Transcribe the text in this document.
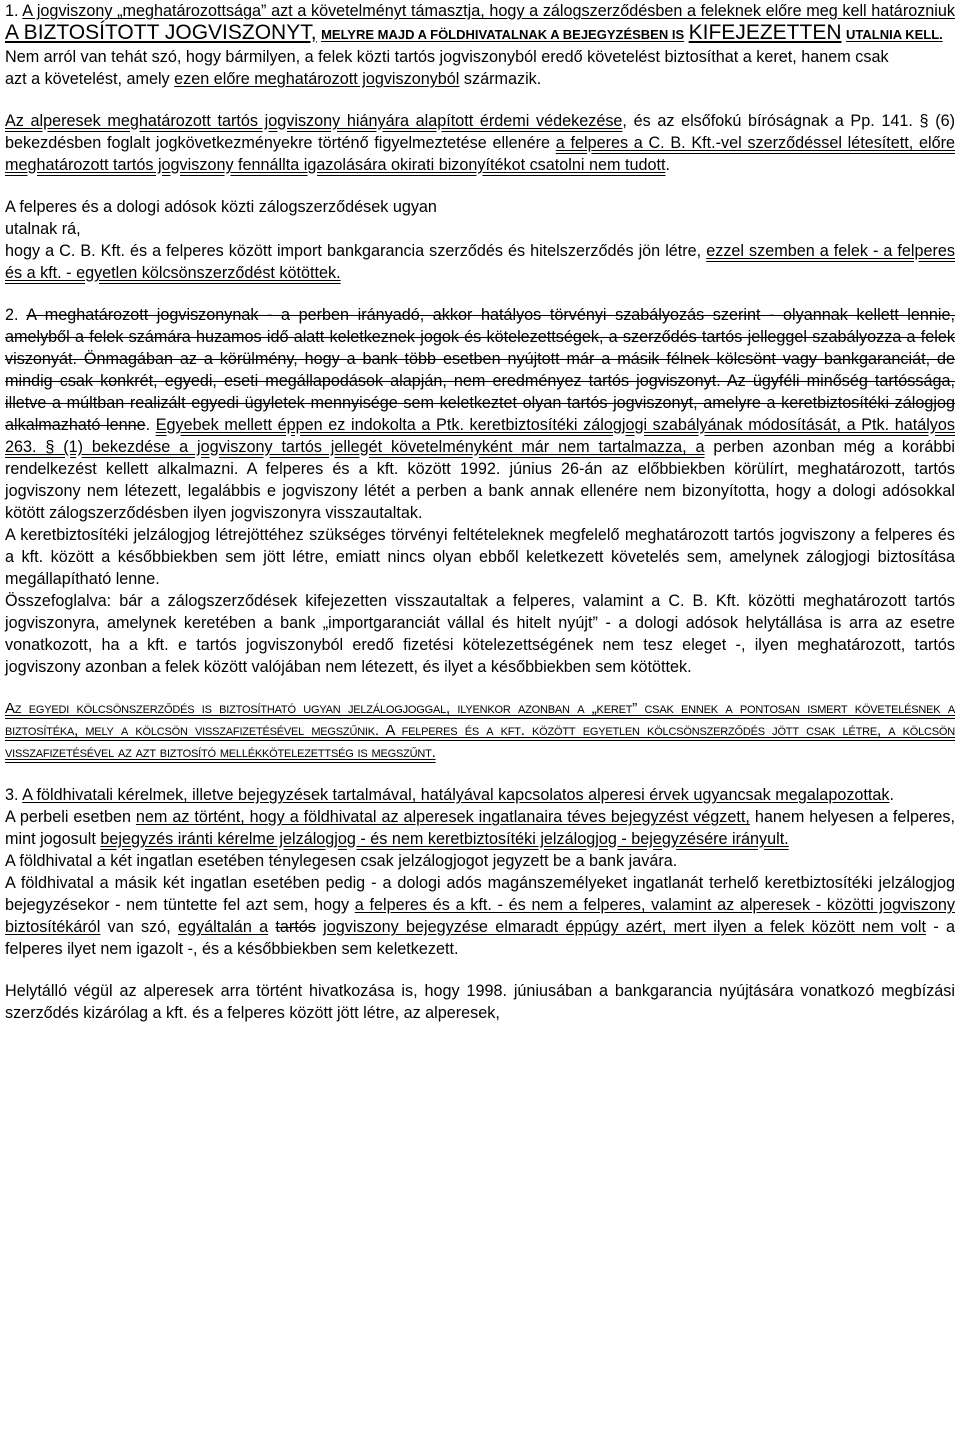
1. A jogviszony „meghatározottsága” azt a követelményt támasztja, hogy a zálogszerződésben a feleknek előre meg kell határozniuk A BIZTOSÍTOTT JOGVISZONYT, MELYRE MAJD A FÖLDHIVATALNAK A BEJEGYZÉSBEN IS KIFEJEZETTEN UTALNIA KELL.
Nem arról van tehát szó, hogy bármilyen, a felek közti tartós jogviszonyból eredő követelést biztosíthat a keret, hanem csak
azt a követelést, amely ezen előre meghatározott jogviszonyból származik.

Az alperesek meghatározott tartós jogviszony hiányára alapított érdemi védekezése, és az elsőfokú bíróságnak a Pp. 141. § (6) bekezdésben foglalt jogkövetkezményekre történő figyelmeztetése ellenére a felperes a C. B. Kft.-vel szerződéssel létesített, előre meghatározott tartós jogviszony fennállta igazolására okirati bizonyítékot csatolni nem tudott.

A felperes és a dologi adósok közti zálogszerződések ugyan
utalnak rá,
hogy a C. B. Kft. és a felperes között import bankgarancia szerződés és hitelszerződés jön létre, ezzel szemben a felek - a felperes és a kft. - egyetlen kölcsönszerződést kötöttek.

2. A meghatározott jogviszonynak - a perben irányadó, akkor hatályos törvényi szabályozás szerint - olyannak kellett lennie, amelyből a felek számára huzamos idő alatt keletkeznek jogok és kötelezettségek, a szerződés tartós jelleggel szabályozza a felek viszonyát. Önmagában az a körülmény, hogy a bank több esetben nyújtott már a másik félnek kölcsönt vagy bankgaranciát, de mindig csak konkrét, egyedi, eseti megállapodások alapján, nem eredményez tartós jogviszonyt. Az ügyféli minőség tartóssága, illetve a múltban realizált egyedi ügyletek mennyisége sem keletkeztet olyan tartós jogviszonyt, amelyre a keretbiztosítéki zálogjog alkalmazható lenne. Egyebek mellett éppen ez indokolta a Ptk. keretbiztosítéki zálogjogi szabályának módosítását, a Ptk. hatályos 263. § (1) bekezdése a jogviszony tartós jellegét követelményként már nem tartalmazza, a perben azonban még a korábbi rendelkezést kellett alkalmazni. A felperes és a kft. között 1992. június 26-án az előbbiekben körülírt, meghatározott, tartós jogviszony nem létezett, legalábbis e jogviszony létét a perben a bank annak ellenére nem bizonyította, hogy a dologi adósokkal kötött zálogszerződésben ilyen jogviszonyra visszautaltak.

A keretbiztosítéki jelzálogjog létrejöttéhez szükséges törvényi feltételeknek megfelelő meghatározott tartós jogviszony a felperes és a kft. között a későbbiekben sem jött létre, emiatt nincs olyan ebből keletkezett követelés sem, amelynek zálogjogi biztosítása megállapítható lenne.

Összefoglalva: bár a zálogszerződések kifejezetten visszautaltak a felperes, valamint a C. B. Kft. közötti meghatározott tartós jogviszonyra, amelynek keretében a bank „importgaranciát vállal és hitelt nyújt” - a dologi adósok helytállása is arra az esetre vonatkozott, ha a kft. e tartós jogviszonyból eredő fizetési kötelezettségének nem tesz eleget -, ilyen meghatározott, tartós jogviszony azonban a felek között valójában nem létezett, és ilyet a későbbiekben sem kötöttek.

Az egyedi kölcsönszerződés is biztosítható ugyan jelzálogjoggal, ilyenkor azonban a „keret” csak ennek a pontosan ismert követelésnek a biztosítéka, mely a kölcsön visszafizetésével megszűnik. A felperes és a kft. között egyetlen kölcsönszerződés jött csak létre, a kölcsön visszafizetésével az azt biztosító mellékkötelezettség is megszűnt.

3. A földhivatali kérelmek, illetve bejegyzések tartalmával, hatályával kapcsolatos alperesi érvek ugyancsak megalapozottak.

A perbeli esetben nem az történt, hogy a földhivatal az alperesek ingatlanaira téves bejegyzést végzett, hanem helyesen a felperes, mint jogosult bejegyzés iránti kérelme jelzálogjog - és nem keretbiztosítéki jelzálogjog - bejegyzésére irányult.

A földhivatal a két ingatlan esetében ténylegesen csak jelzálogjogot jegyzett be a bank javára.

A földhivatal a másik két ingatlan esetében pedig - a dologi adós magánszemélyeket ingatlanát terhelő keretbiztosítéki jelzálogjog bejegyzésekor - nem tüntette fel azt sem, hogy a felperes és a kft. - és nem a felperes, valamint az alperesek - közötti jogviszony biztosítékáról van szó, egyáltalán a tartós jogviszony bejegyzése elmaradt éppúgy azért, mert ilyen a felek között nem volt - a felperes ilyet nem igazolt -, és a későbbiekben sem keletkezett.

Helytálló végül az alperesek arra történt hivatkozása is, hogy 1998. júniusában a bankgarancia nyújtására vonatkozó megbízási szerződés kizárólag a kft. és a felperes között jött létre, az alperesek,
